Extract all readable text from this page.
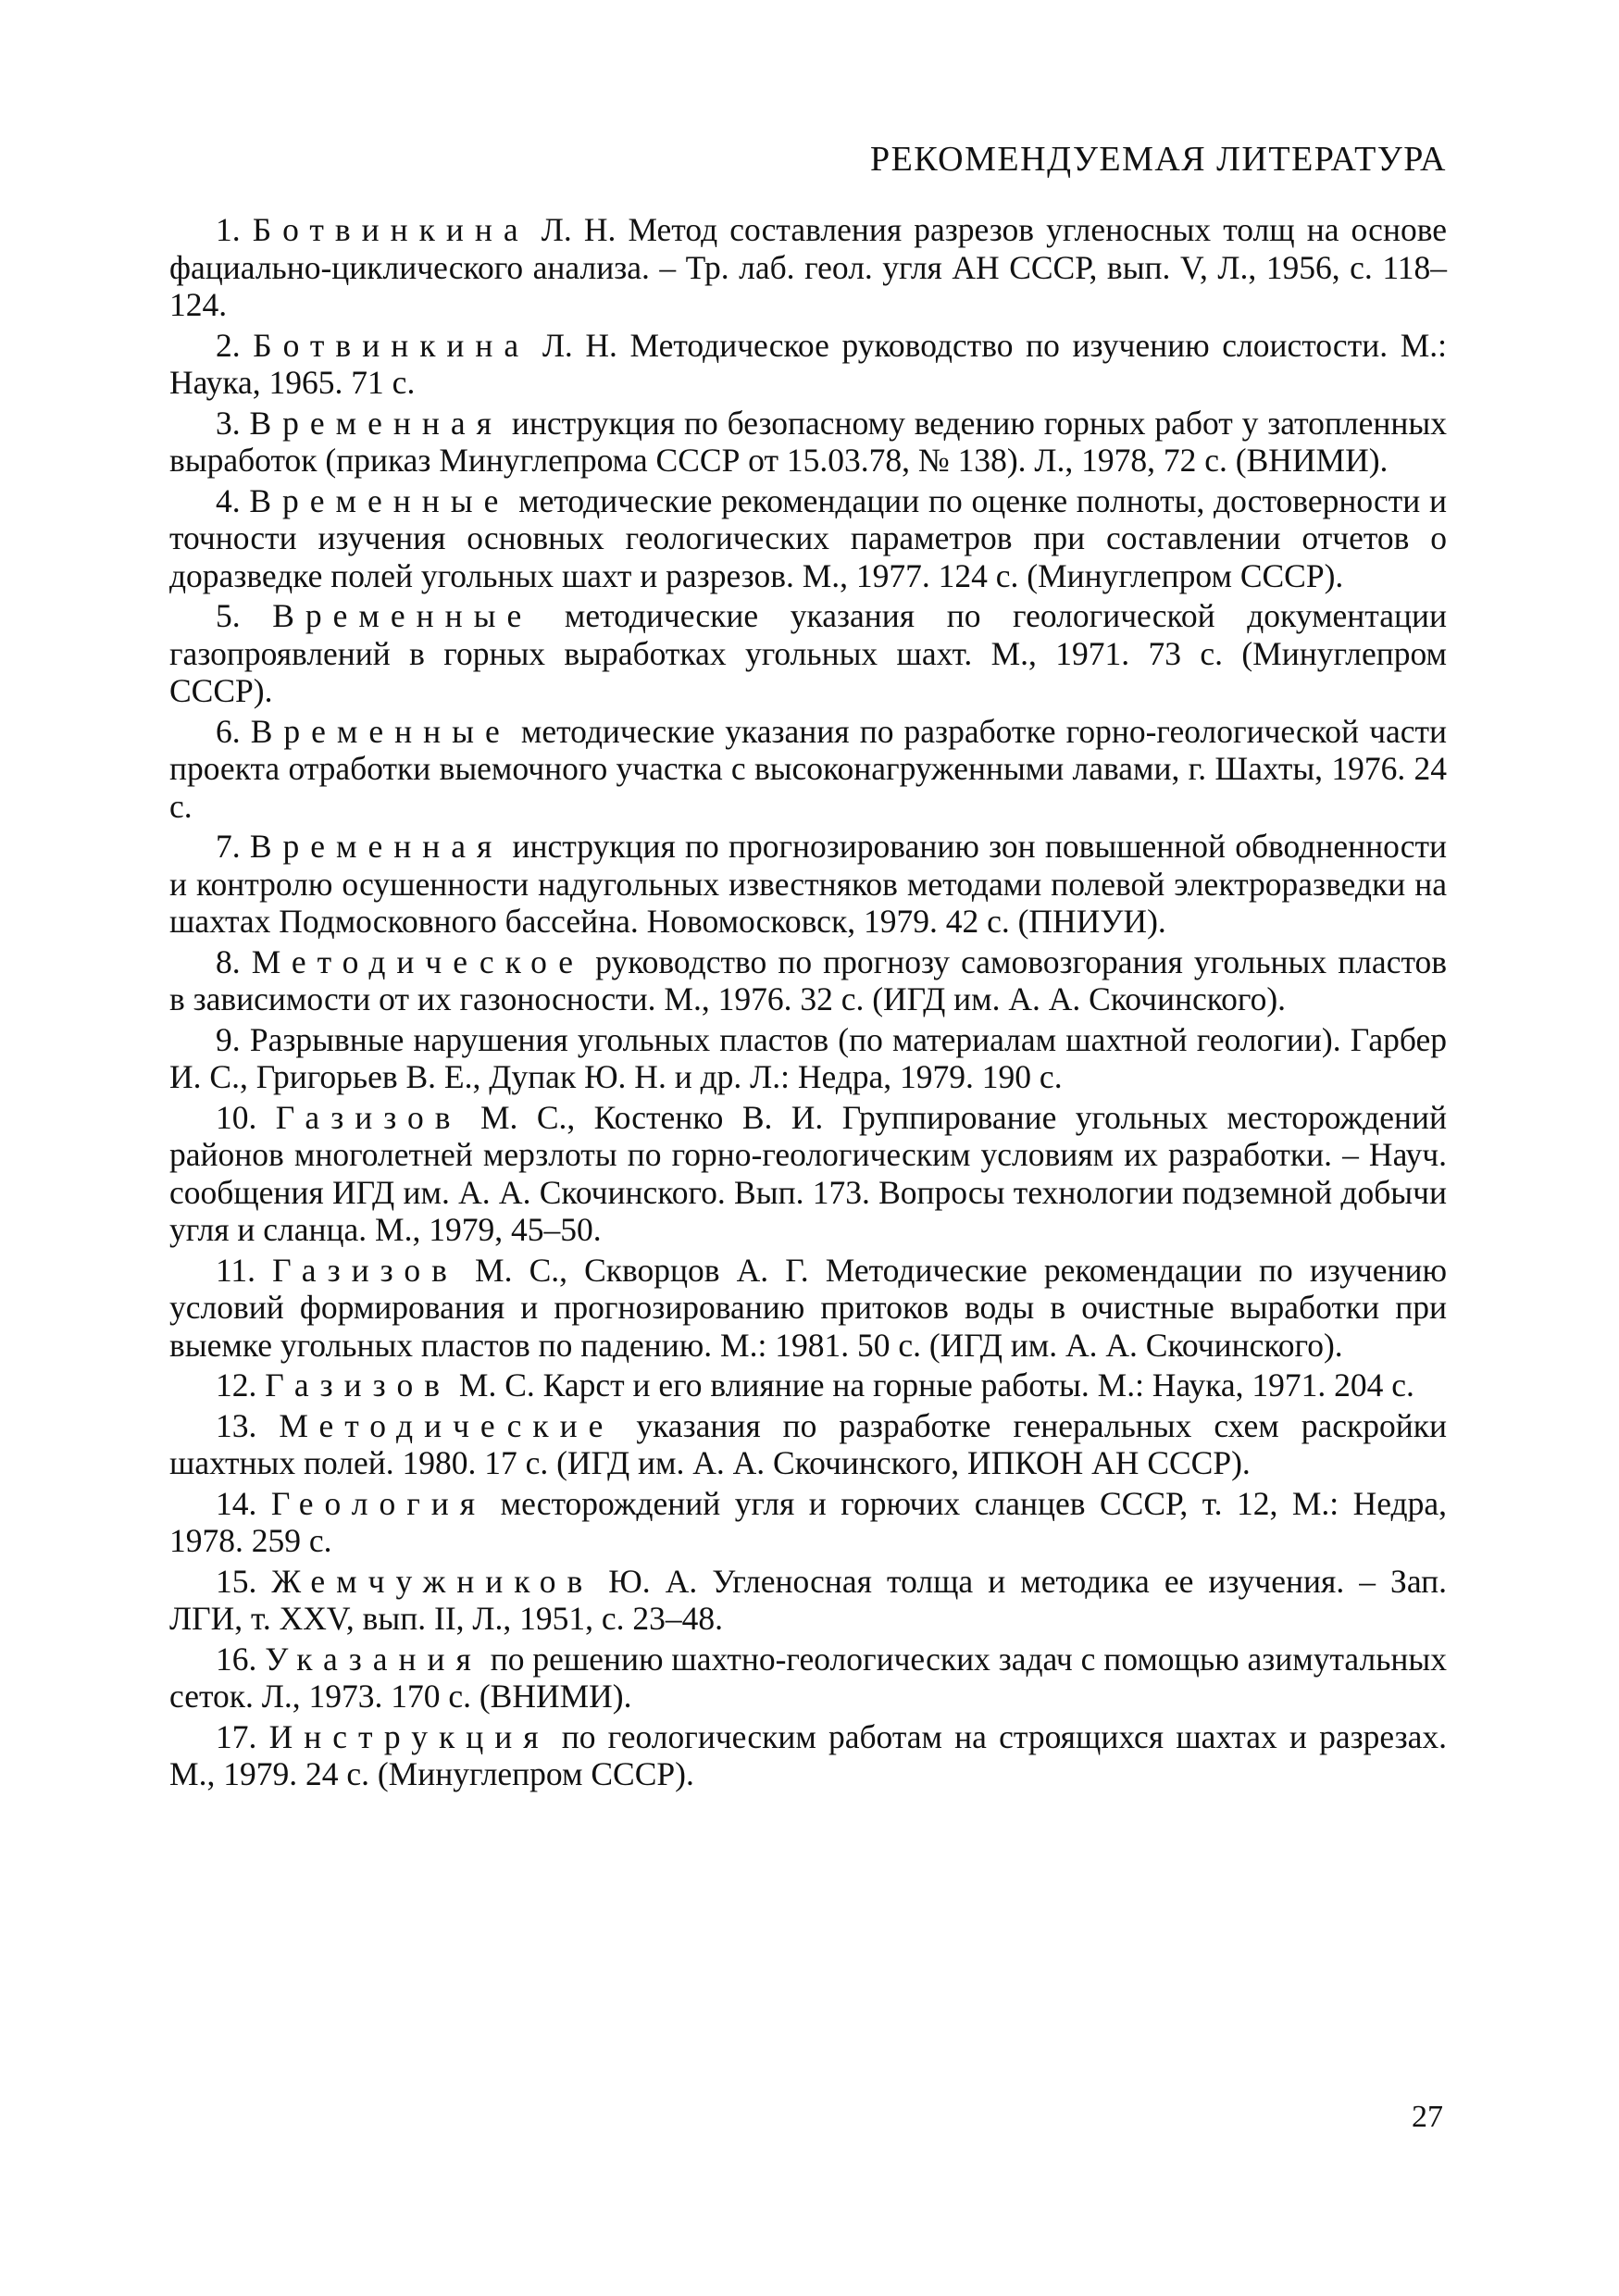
РЕКОМЕНДУЕМАЯ ЛИТЕРАТУРА

1. Ботвинкина Л. Н. Метод составления разрезов угленосных толщ на основе фациально-циклического анализа. – Тр. лаб. геол. угля АН СССР, вып. V, Л., 1956, с. 118–124.

2. Ботвинкина Л. Н. Методическое руководство по изучению слоистости. М.: Наука, 1965. 71 с.

3. Временная инструкция по безопасному ведению горных работ у затопленных выработок (приказ Минуглепрома СССР от 15.03.78, № 138). Л., 1978, 72 с. (ВНИМИ).

4. Временные методические рекомендации по оценке полноты, достоверности и точности изучения основных геологических параметров при составлении отчетов о доразведке полей угольных шахт и разрезов. М., 1977. 124 с. (Минуглепром СССР).

5. Временные методические указания по геологической документации газопроявлений в горных выработках угольных шахт. М., 1971. 73 с. (Минуглепром СССР).

6. Временные методические указания по разработке горно-геологической части проекта отработки выемочного участка с высоконагруженными лавами, г. Шахты, 1976. 24 с.

7. Временная инструкция по прогнозированию зон повышенной обводненности и контролю осушенности надугольных известняков методами полевой электроразведки на шахтах Подмосковного бассейна. Новомосковск, 1979. 42 с. (ПНИУИ).

8. Методическое руководство по прогнозу самовозгорания угольных пластов в зависимости от их газоносности. М., 1976. 32 с. (ИГД им. А. А. Скочинского).

9. Разрывные нарушения угольных пластов (по материалам шахтной геологии). Гарбер И. С., Григорьев В. Е., Дупак Ю. Н. и др. Л.: Недра, 1979. 190 с.

10. Газизов М. С., Костенко В. И. Группирование угольных месторождений районов многолетней мерзлоты по горно-геологическим условиям их разработки. – Науч. сообщения ИГД им. А. А. Скочинского. Вып. 173. Вопросы технологии подземной добычи угля и сланца. М., 1979, 45–50.

11. Газизов М. С., Скворцов А. Г. Методические рекомендации по изучению условий формирования и прогнозированию притоков воды в очистные выработки при выемке угольных пластов по падению. М.: 1981. 50 с. (ИГД им. А. А. Скочинского).

12. Газизов М. С. Карст и его влияние на горные работы. М.: Наука, 1971. 204 с.

13. Методические указания по разработке генеральных схем раскройки шахтных полей. 1980. 17 с. (ИГД им. А. А. Скочинского, ИПКОН АН СССР).

14. Геология месторождений угля и горючих сланцев СССР, т. 12, М.: Недра, 1978. 259 с.

15. Жемчужников Ю. А. Угленосная толща и методика ее изучения. – Зап. ЛГИ, т. XXV, вып. II, Л., 1951, с. 23–48.

16. Указания по решению шахтно-геологических задач с помощью азимутальных сеток. Л., 1973. 170 с. (ВНИМИ).

17. Инструкция по геологическим работам на строящихся шахтах и разрезах. М., 1979. 24 с. (Минуглепром СССР).

27
